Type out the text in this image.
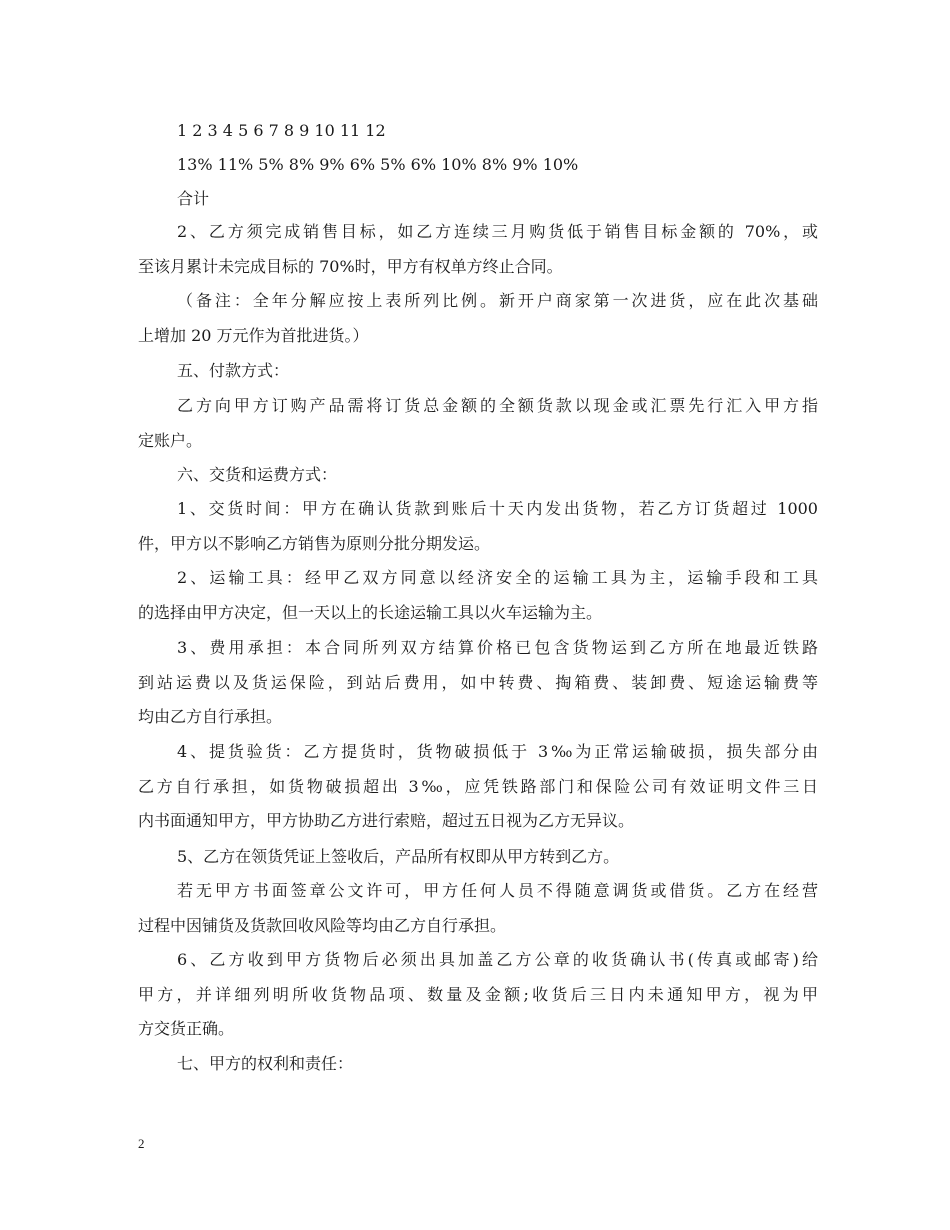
1 2 3 4 5 6 7 8 9 10 11 12
13% 11% 5% 8% 9% 6% 5% 6% 10% 8% 9% 10%
合计
2、乙方须完成销售目标，如乙方连续三月购货低于销售目标金额的 70%，或
至该月累计未完成目标的 70%时，甲方有权单方终止合同。
（备注：全年分解应按上表所列比例。新开户商家第一次进货，应在此次基础
上增加 20 万元作为首批进货。）
五、付款方式：
乙方向甲方订购产品需将订货总金额的全额货款以现金或汇票先行汇入甲方指
定账户。
六、交货和运费方式：
1、交货时间：甲方在确认货款到账后十天内发出货物，若乙方订货超过 1000
件，甲方以不影响乙方销售为原则分批分期发运。
2、运输工具：经甲乙双方同意以经济安全的运输工具为主，运输手段和工具
的选择由甲方决定，但一天以上的长途运输工具以火车运输为主。
3、费用承担：本合同所列双方结算价格已包含货物运到乙方所在地最近铁路
到站运费以及货运保险，到站后费用，如中转费、掏箱费、装卸费、短途运输费等
均由乙方自行承担。
4、提货验货：乙方提货时，货物破损低于 3‰为正常运输破损，损失部分由
乙方自行承担，如货物破损超出 3‰，应凭铁路部门和保险公司有效证明文件三日
内书面通知甲方，甲方协助乙方进行索赔，超过五日视为乙方无异议。
5、乙方在领货凭证上签收后，产品所有权即从甲方转到乙方。
若无甲方书面签章公文许可，甲方任何人员不得随意调货或借货。乙方在经营
过程中因铺货及货款回收风险等均由乙方自行承担。
6、乙方收到甲方货物后必须出具加盖乙方公章的收货确认书(传真或邮寄)给
甲方，并详细列明所收货物品项、数量及金额;收货后三日内未通知甲方，视为甲
方交货正确。
七、甲方的权利和责任：
2
